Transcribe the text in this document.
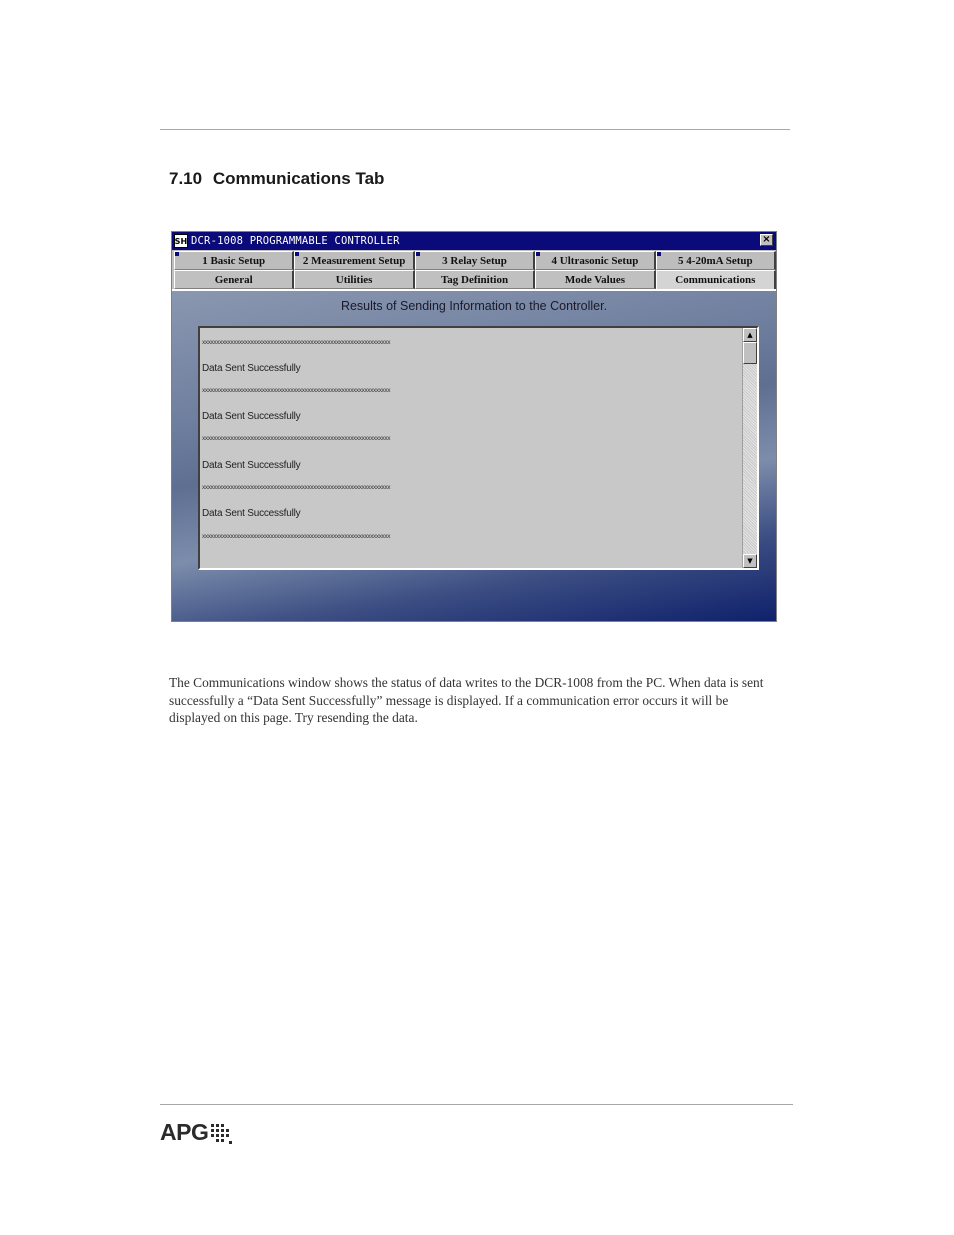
7.10 Communications Tab
SH DCR-1008 PROGRAMMABLE CONTROLLER	×
1 Basic Setup	2 Measurement Setup	3 Relay Setup	4 Ultrasonic Setup	5 4-20mA Setup
General	Utilities	Tag Definition	Mode Values	Communications
Results of Sending Information to the Controller.
xxxxxxxxxxxxxxxxxxxxxxxxxxxxxxxxxxxxxxxxxxxxxxxxxxxxxxxxxxxxxxxxxx
Data Sent Successfully
xxxxxxxxxxxxxxxxxxxxxxxxxxxxxxxxxxxxxxxxxxxxxxxxxxxxxxxxxxxxxxxxxx
Data Sent Successfully
xxxxxxxxxxxxxxxxxxxxxxxxxxxxxxxxxxxxxxxxxxxxxxxxxxxxxxxxxxxxxxxxxx
Data Sent Successfully
xxxxxxxxxxxxxxxxxxxxxxxxxxxxxxxxxxxxxxxxxxxxxxxxxxxxxxxxxxxxxxxxxx
Data Sent Successfully
xxxxxxxxxxxxxxxxxxxxxxxxxxxxxxxxxxxxxxxxxxxxxxxxxxxxxxxxxxxxxxxxxx
▲
▼
The Communications window shows the status of data writes to the DCR-1008 from the PC. When data is sent successfully a “Data Sent Successfully” message is displayed. If a communication error occurs it will be displayed on this page. Try resending the data.
APG
